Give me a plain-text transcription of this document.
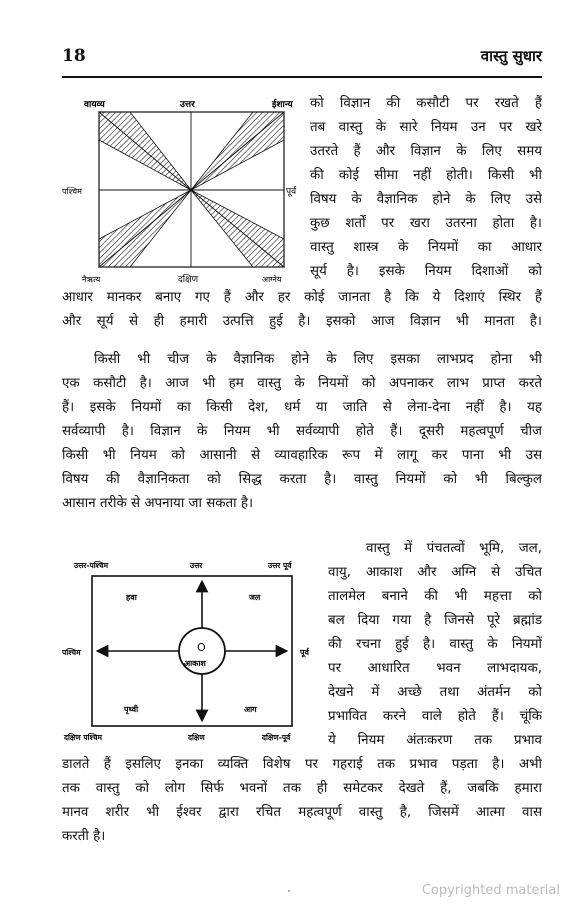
18	वास्तु सुधार
वायव्य	उत्तर	ईशान्य
पश्चिम	पूर्व
नैऋत्य	दक्षिण	आग्नेय
को विज्ञान की कसौटी पर रखते हैं
तब वास्तु के सारे नियम उन पर खरे
उतरते हैं और विज्ञान के लिए समय
की कोई सीमा नहीं होती। किसी भी
विषय के वैज्ञानिक होने के लिए उसे
कुछ शर्तों पर खरा उतरना होता है।
वास्तु शास्त्र के नियमों का आधार
सूर्य है। इसके नियम दिशाओं को
आधार मानकर बनाए गए हैं और हर कोई जानता है कि ये दिशाएं स्थिर हैं
और सूर्य से ही हमारी उत्पत्ति हुई है। इसको आज विज्ञान भी मानता है।
किसी भी चीज के वैज्ञानिक होने के लिए इसका लाभप्रद होना भी
एक कसौटी है। आज भी हम वास्तु के नियमों को अपनाकर लाभ प्राप्त करते
हैं। इसके नियमों का किसी देश, धर्म या जाति से लेना-देना नहीं है। यह
सर्वव्यापी है। विज्ञान के नियम भी सर्वव्यापी होते हैं। दूसरी महत्वपूर्ण चीज
किसी भी नियम को आसानी से व्यावहारिक रूप में लागू कर पाना भी उस
विषय की वैज्ञानिकता को सिद्ध करता है। वास्तु नियमों को भी बिल्कुल
आसान तरीके से अपनाया जा सकता है।
O
आकाश
हवा	जल
पृथ्वी	आग
उत्तर-पश्चिम	उत्तर	उत्तर पूर्व
पश्चिम	पूर्व
दक्षिण पश्चिम	दक्षिण	दक्षिण-पूर्व
वास्तु में पंचतत्वों भूमि, जल,
वायु, आकाश और अग्नि से उचित
तालमेल बनाने की भी महत्ता को
बल दिया गया है जिनसे पूरे ब्रह्मांड
की रचना हुई है। वास्तु के नियमों
पर आधारित भवन लाभदायक,
देखने में अच्छे तथा अंतर्मन को
प्रभावित करने वाले होते हैं। चूंकि
ये नियम अंतःकरण तक प्रभाव
डालते हैं इसलिए इनका व्यक्ति विशेष पर गहराई तक प्रभाव पड़ता है। अभी
तक वास्तु को लोग सिर्फ भवनों तक ही समेटकर देखते हैं, जबकि हमारा
मानव शरीर भी ईश्वर द्वारा रचित महत्वपूर्ण वास्तु है, जिसमें आत्मा वास
करती है।
Copyrighted material
